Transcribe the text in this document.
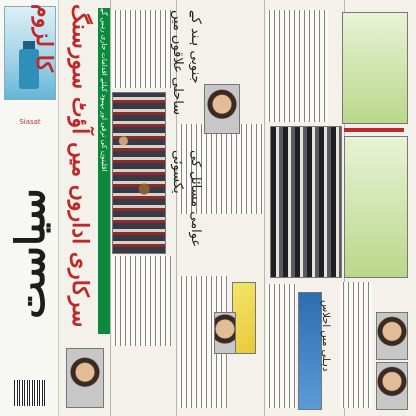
Siasat
سیاست سرکاری اداروں میں آؤٹ سورسنگ کا لزوم	اقلیتوں کی ترقی اور بہبود کیلئے اقدامات جاری رہیں گے	جنوبی ہند کے ساحلی علاقوں میں
عوامی مسائل کی یکسوئی
دہلی میں اجلاس
